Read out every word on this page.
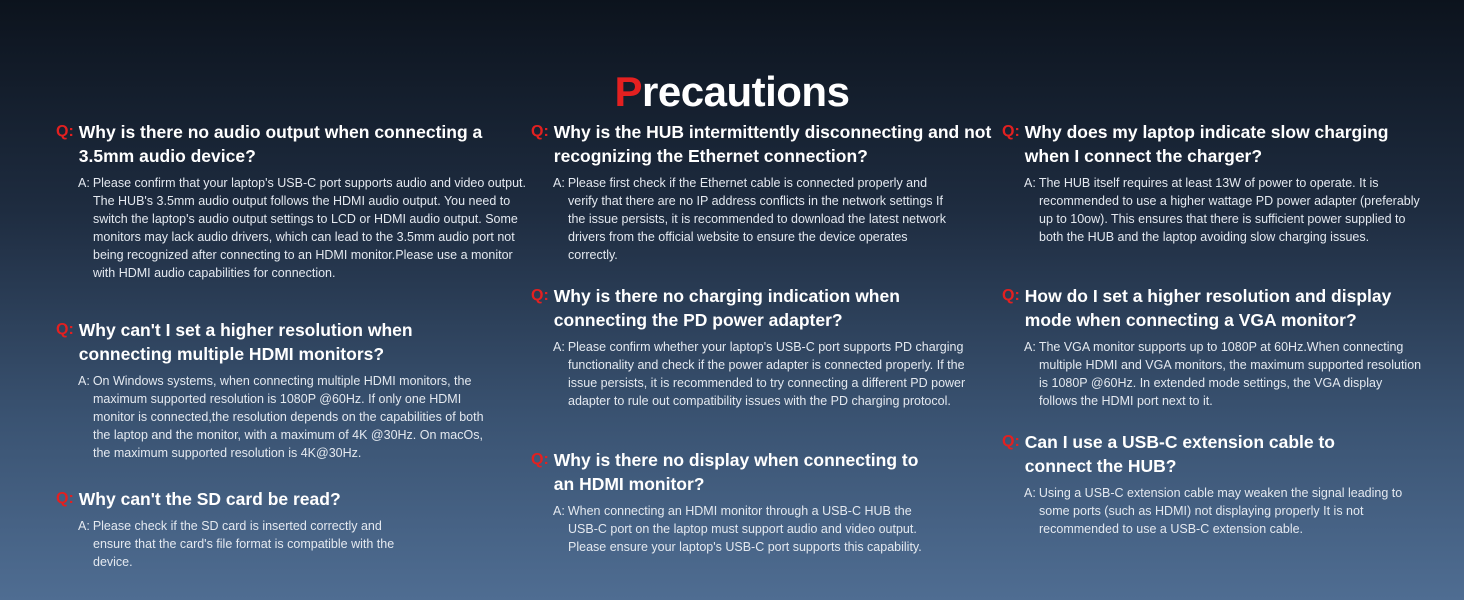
Precautions
Q: Why is there no audio output when connecting a 3.5mm audio device?
A: Please confirm that your laptop's USB-C port supports audio and video output. The HUB's 3.5mm audio output follows the HDMI audio output. You need to switch the laptop's audio output settings to LCD or HDMI audio output. Some monitors may lack audio drivers, which can lead to the 3.5mm audio port not being recognized after connecting to an HDMI monitor.Please use a monitor with HDMI audio capabilities for connection.
Q: Why can't I set a higher resolution when connecting multiple HDMI monitors?
A: On Windows systems, when connecting multiple HDMI monitors, the maximum supported resolution is 1080P @60Hz. If only one HDMI monitor is connected,the resolution depends on the capabilities of both the laptop and the monitor, with a maximum of 4K @30Hz. On macOs, the maximum supported resolution is 4K@30Hz.
Q: Why can't the SD card be read?
A: Please check if the SD card is inserted correctly and ensure that the card's file format is compatible with the device.
Q: Why is the HUB intermittently disconnecting and not recognizing the Ethernet connection?
A: Please first check if the Ethernet cable is connected properly and verify that there are no IP address conflicts in the network settings If the issue persists, it is recommended to download the latest network drivers from the official website to ensure the device operates correctly.
Q: Why is there no charging indication when connecting the PD power adapter?
A: Please confirm whether your laptop's USB-C port supports PD charging functionality and check if the power adapter is connected properly. If the issue persists, it is recommended to try connecting a different PD power adapter to rule out compatibility issues with the PD charging protocol.
Q: Why is there no display when connecting to an HDMI monitor?
A: When connecting an HDMI monitor through a USB-C HUB the USB-C port on the laptop must support audio and video output. Please ensure your laptop's USB-C port supports this capability.
Q: Why does my laptop indicate slow charging when I connect the charger?
A: The HUB itself requires at least 13W of power to operate. It is recommended to use a higher wattage PD power adapter (preferably up to 10ow). This ensures that there is sufficient power supplied to both the HUB and the laptop avoiding slow charging issues.
Q: How do I set a higher resolution and display mode when connecting a VGA monitor?
A: The VGA monitor supports up to 1080P at 60Hz.When connecting multiple HDMI and VGA monitors, the maximum supported resolution is 1080P @60Hz. In extended mode settings, the VGA display follows the HDMI port next to it.
Q: Can I use a USB-C extension cable to connect the HUB?
A: Using a USB-C extension cable may weaken the signal leading to some ports (such as HDMI) not displaying properly It is not recommended to use a USB-C extension cable.
